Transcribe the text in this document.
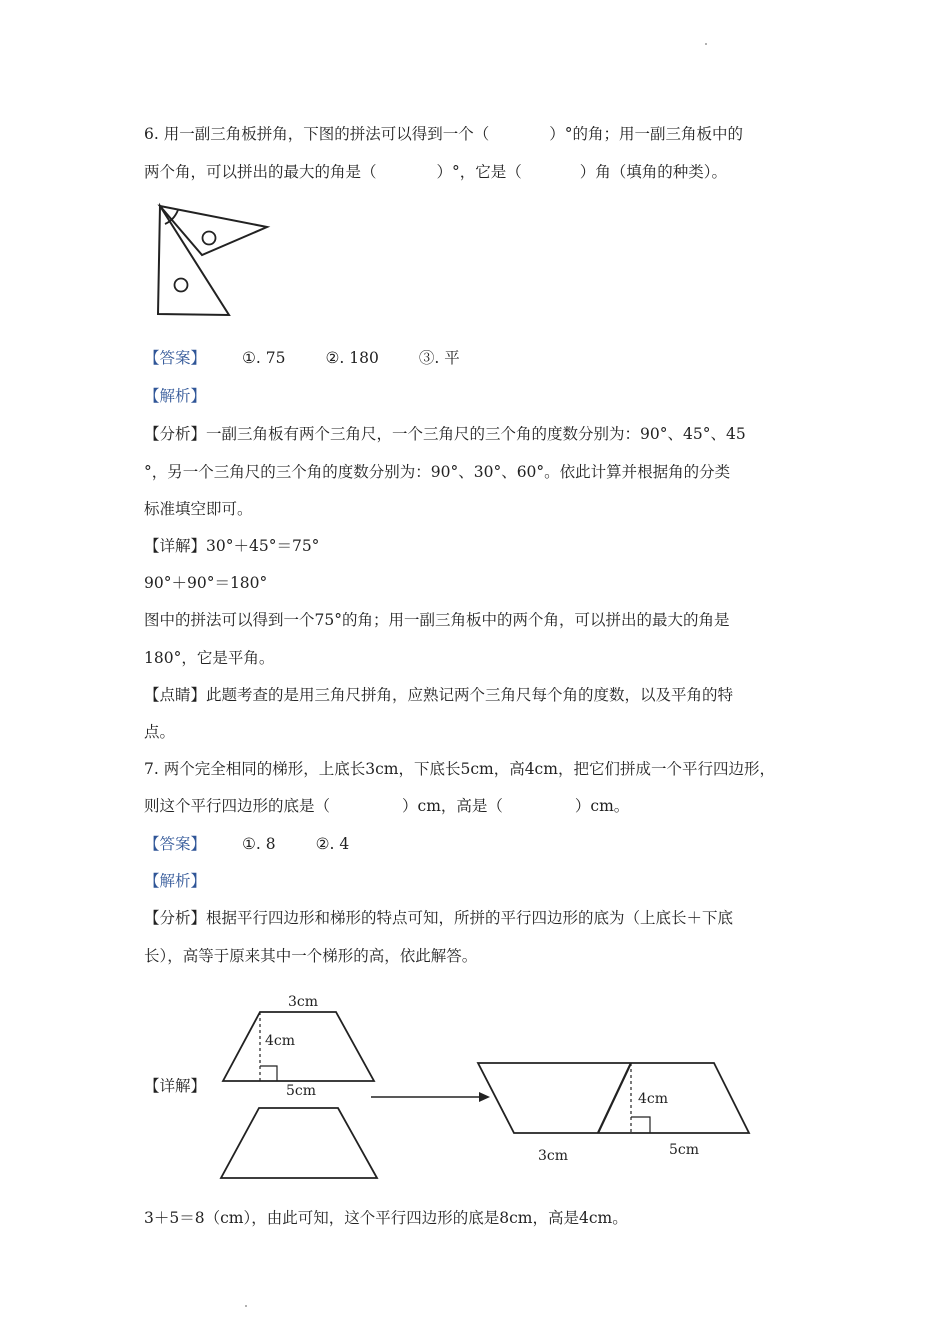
6. 用一副三角板拼角，下图的拼法可以得到一个（	）°的角；用一副三角板中的
两个角，可以拼出的最大的角是（	）°，它是（	）角（填角的种类）。
【答案】 ①. 75	②. 180	③. 平
【解析】
【分析】一副三角板有两个三角尺，一个三角尺的三个角的度数分别为：90°、45°、45
°，另一个三角尺的三个角的度数分别为：90°、30°、60°。依此计算并根据角的分类
标准填空即可。
【详解】30°＋45°＝75°
90°＋90°＝180°
图中的拼法可以得到一个75°的角；用一副三角板中的两个角，可以拼出的最大的角是
180°，它是平角。
【点睛】此题考查的是用三角尺拼角，应熟记两个三角尺每个角的度数，以及平角的特
点。
7. 两个完全相同的梯形，上底长3cm，下底长5cm，高4cm，把它们拼成一个平行四边形，
则这个平行四边形的底是（	）cm，高是（	）cm。
【答案】 ①. 8	②. 4
【解析】
【分析】根据平行四边形和梯形的特点可知，所拼的平行四边形的底为（上底长＋下底
长），高等于原来其中一个梯形的高，依此解答。
【详解】
3cm
4cm
5cm	4cm
3cm	5cm
3＋5＝8（cm），由此可知，这个平行四边形的底是8cm，高是4cm。
